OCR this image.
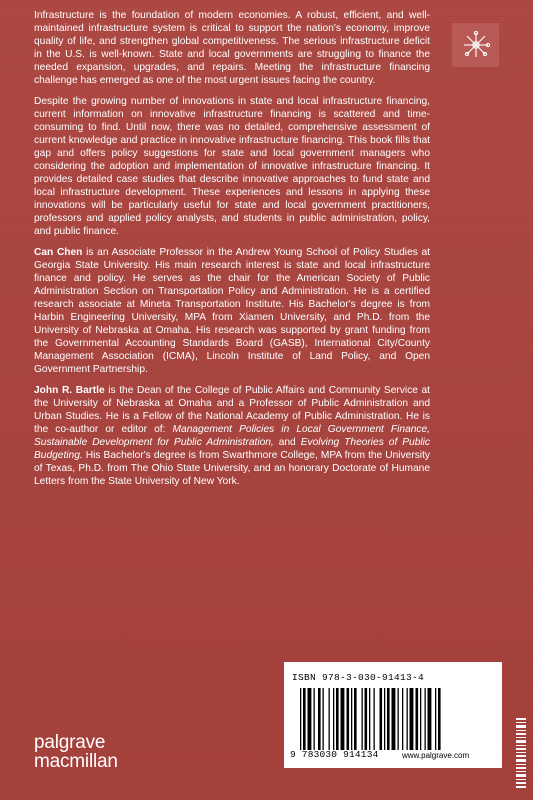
Infrastructure is the foundation of modern economies. A robust, efficient, and well-maintained infrastructure system is critical to support the nation's economy, improve quality of life, and strengthen global competitiveness. The serious infrastructure deficit in the U.S. is well-known. State and local governments are struggling to finance the needed expansion, upgrades, and repairs. Meeting the infrastructure financing challenge has emerged as one of the most urgent issues facing the country.

Despite the growing number of innovations in state and local infrastructure financing, current information on innovative infrastructure financing is scattered and time-consuming to find. Until now, there was no detailed, comprehensive assessment of current knowledge and practice in innovative infrastructure financing. This book fills that gap and offers policy suggestions for state and local government managers who considering the adoption and implementation of innovative infrastructure financing. It provides detailed case studies that describe innovative approaches to fund state and local infrastructure development. These experiences and lessons in applying these innovations will be particularly useful for state and local government practitioners, professors and applied policy analysts, and students in public administration, policy, and public finance.

Can Chen is an Associate Professor in the Andrew Young School of Policy Studies at Georgia State University. His main research interest is state and local infrastructure finance and policy. He serves as the chair for the American Society of Public Administration Section on Transportation Policy and Administration. He is a certified research associate at Mineta Transportation Institute. His Bachelor's degree is from Harbin Engineering University, MPA from Xiamen University, and Ph.D. from the University of Nebraska at Omaha. His research was supported by grant funding from the Governmental Accounting Standards Board (GASB), International City/County Management Association (ICMA), Lincoln Institute of Land Policy, and Open Government Partnership.

John R. Bartle is the Dean of the College of Public Affairs and Community Service at the University of Nebraska at Omaha and a Professor of Public Administration and Urban Studies. He is a Fellow of the National Academy of Public Administration. He is the co-author or editor of: Management Policies in Local Government Finance, Sustainable Development for Public Administration, and Evolving Theories of Public Budgeting. His Bachelor's degree is from Swarthmore College, MPA from the University of Texas, Ph.D. from The Ohio State University, and an honorary Doctorate of Humane Letters from the State University of New York.

ISBN 978-3-030-91413-4
9 783030 914134	www.palgrave.com
palgrave
macmillan
